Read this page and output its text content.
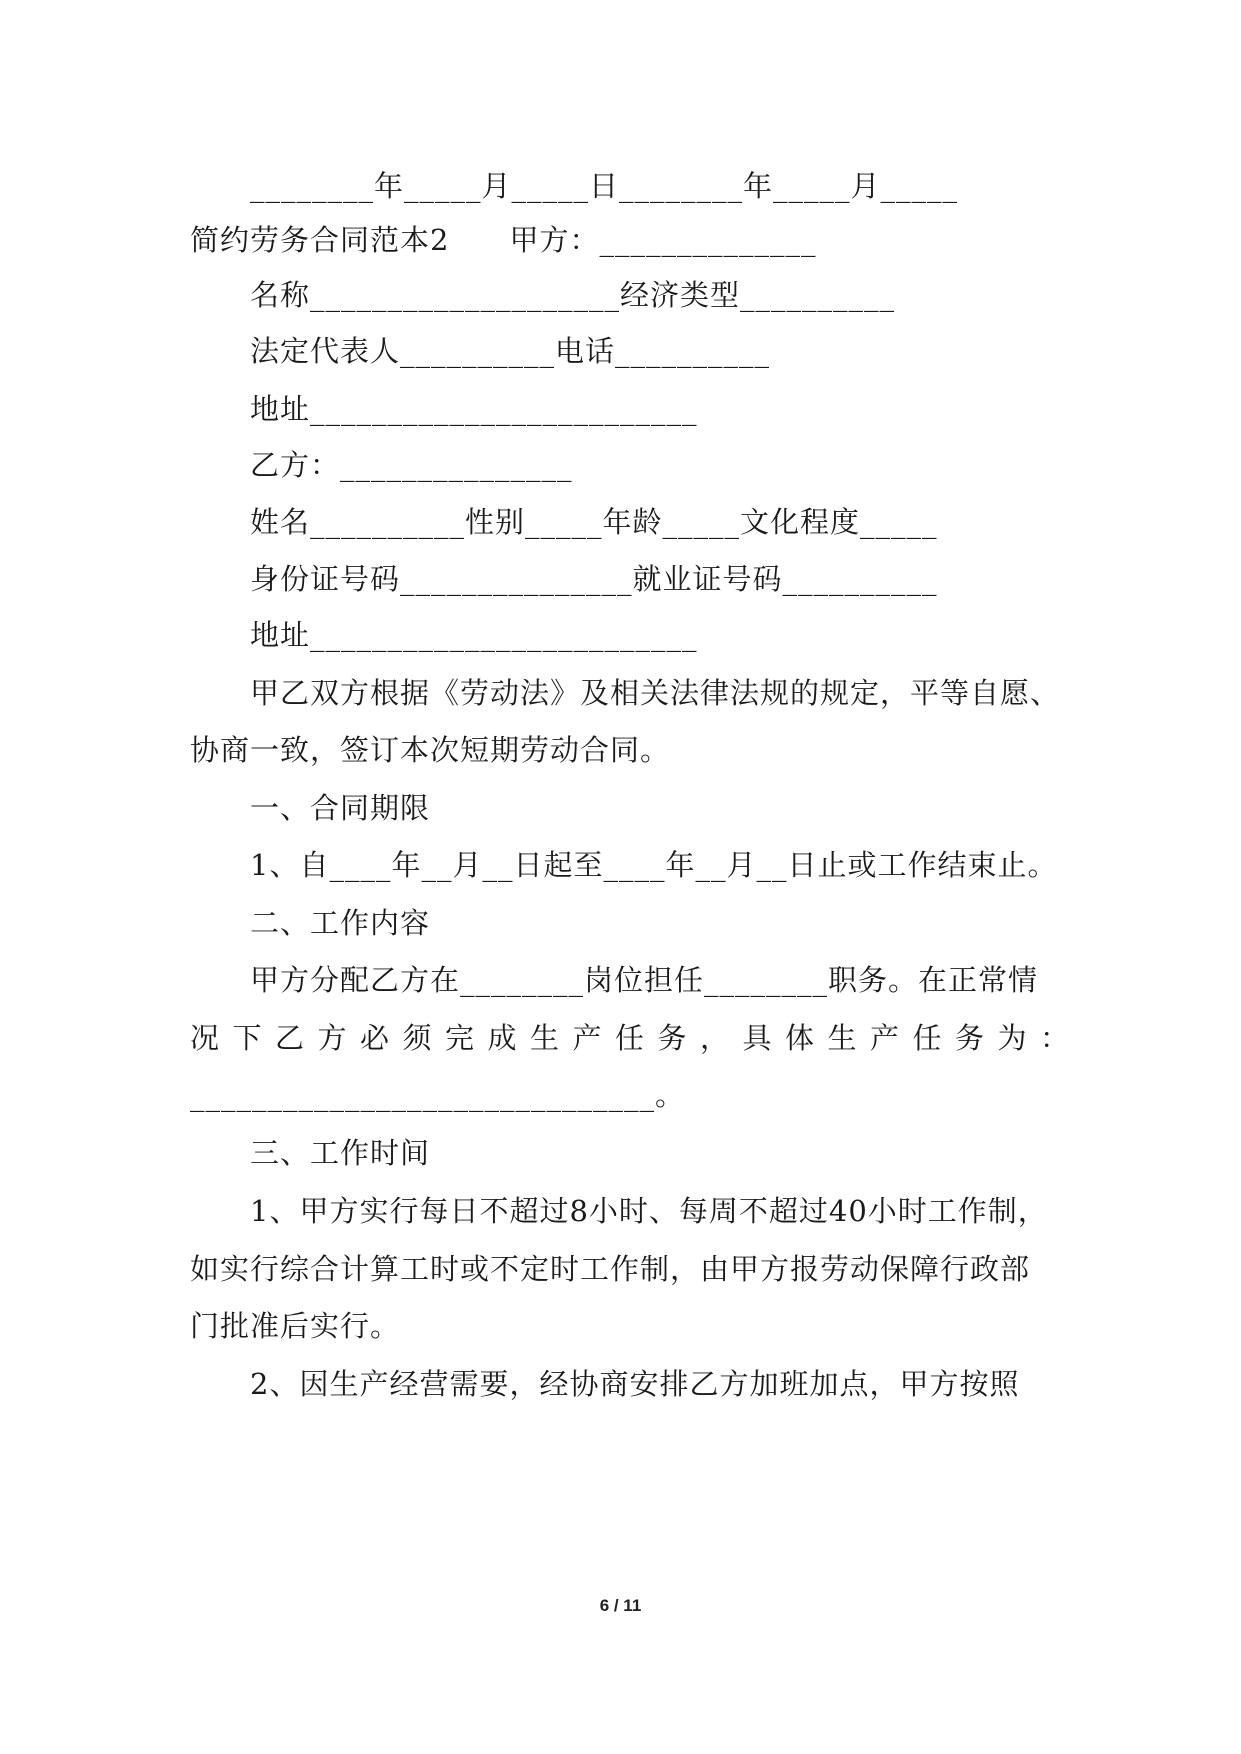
________年_____月_____日________年_____月_____

简约劳务合同范本2　　甲方：______________

名称____________________经济类型__________

法定代表人__________电话__________

地址_________________________

乙方：_______________

姓名__________性别_____年龄_____文化程度_____

身份证号码_______________就业证号码__________

地址_________________________

甲乙双方根据《劳动法》及相关法律法规的规定，平等自愿、

协商一致，签订本次短期劳动合同。

一、合同期限

1、自____年__月__日起至____年__月__日止或工作结束止。

二、工作内容

甲方分配乙方在________岗位担任________职务。在正常情

况下乙方必须完成生产任务，具体生产任务为：

______________________________。

三、工作时间

1、甲方实行每日不超过8小时、每周不超过40小时工作制，

如实行综合计算工时或不定时工作制，由甲方报劳动保障行政部

门批准后实行。

2、因生产经营需要，经协商安排乙方加班加点，甲方按照

6 / 11
